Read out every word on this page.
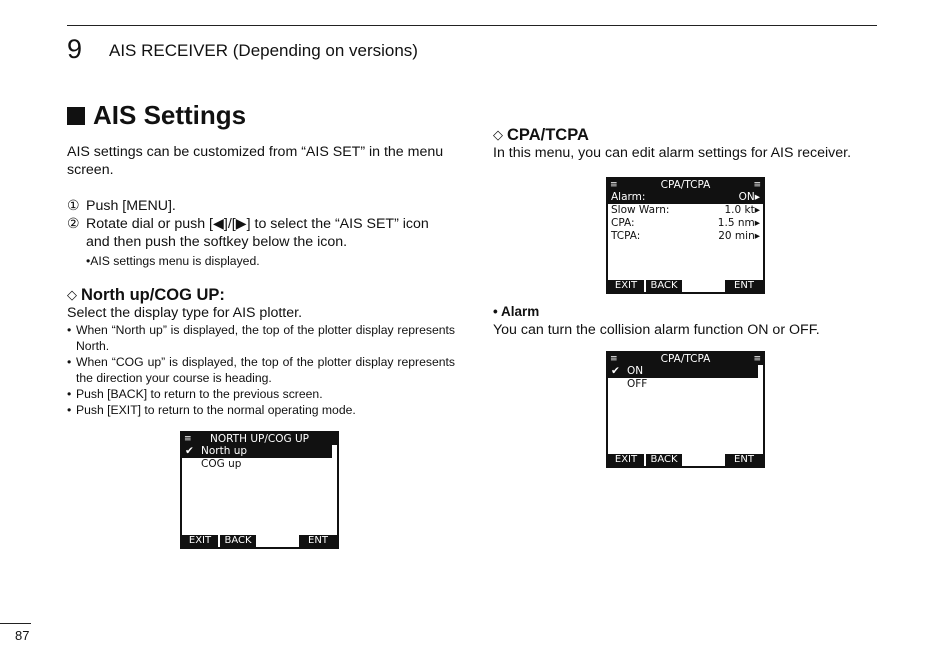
9 AIS RECEIVER (Depending on versions)
AIS Settings

AIS settings can be customized from “AIS SET” in the menu screen.

① Push [MENU].
② Rotate dial or push [◀]/[▶] to select the “AIS SET” icon and then push the softkey below the icon.
•AIS settings menu is displayed.
◇ North up/COG UP:

Select the display type for AIS plotter.

• When “North up” is displayed, the top of the plotter display represents North.
• When “COG up” is displayed, the top of the plotter display represents the direction your course is heading.
• Push [BACK] to return to the previous screen.
• Push [EXIT] to return to the normal operating mode.
≡ NORTH UP/COG UP
✔ North up
COG up
EXIT	BACK	ENT
◇ CPA/TCPA

In this menu, you can edit alarm settings for AIS receiver.

≡	CPA/TCPA	≡
Alarm:	ON▸
Slow Warn:	1.0 kt▸
CPA:	1.5 nm▸
TCPA:	20 min▸
EXIT	BACK	ENT
• Alarm

You can turn the collision alarm function ON or OFF.

≡	CPA/TCPA	≡
✔ ON
OFF
EXIT	BACK	ENT
87
